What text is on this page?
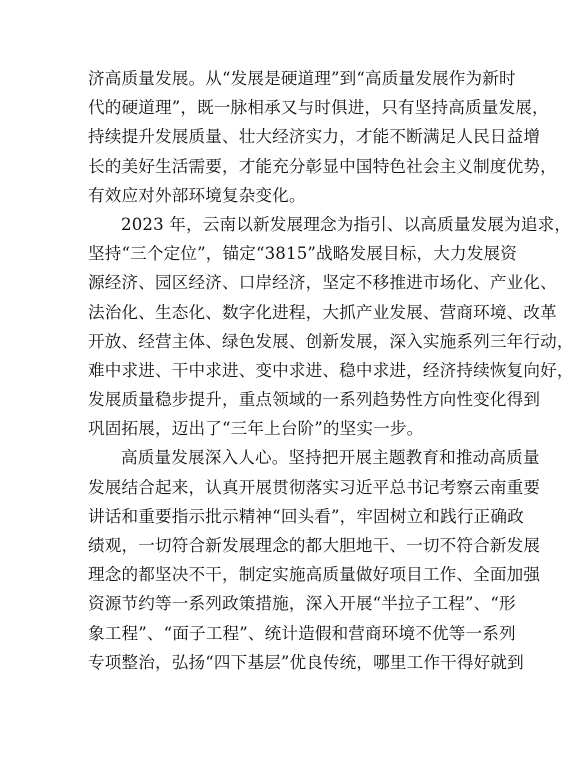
济高质量发展。从“发展是硬道理”到“高质量发展作为新时
代的硬道理”，既一脉相承又与时俱进，只有坚持高质量发展，
持续提升发展质量、壮大经济实力，才能不断满足人民日益增
长的美好生活需要，才能充分彰显中国特色社会主义制度优势，
有效应对外部环境复杂变化。
2023 年，云南以新发展理念为指引、以高质量发展为追求，
坚持“三个定位”，锚定“3815”战略发展目标，大力发展资
源经济、园区经济、口岸经济，坚定不移推进市场化、产业化、
法治化、生态化、数字化进程，大抓产业发展、营商环境、改革
开放、经营主体、绿色发展、创新发展，深入实施系列三年行动，
难中求进、干中求进、变中求进、稳中求进，经济持续恢复向好，
发展质量稳步提升，重点领域的一系列趋势性方向性变化得到
巩固拓展，迈出了“三年上台阶”的坚实一步。
高质量发展深入人心。坚持把开展主题教育和推动高质量
发展结合起来，认真开展贯彻落实习近平总书记考察云南重要
讲话和重要指示批示精神“回头看”，牢固树立和践行正确政
绩观，一切符合新发展理念的都大胆地干、一切不符合新发展
理念的都坚决不干，制定实施高质量做好项目工作、全面加强
资源节约等一系列政策措施，深入开展“半拉子工程”、“形
象工程”、“面子工程”、统计造假和营商环境不优等一系列
专项整治，弘扬“四下基层”优良传统，哪里工作干得好就到
